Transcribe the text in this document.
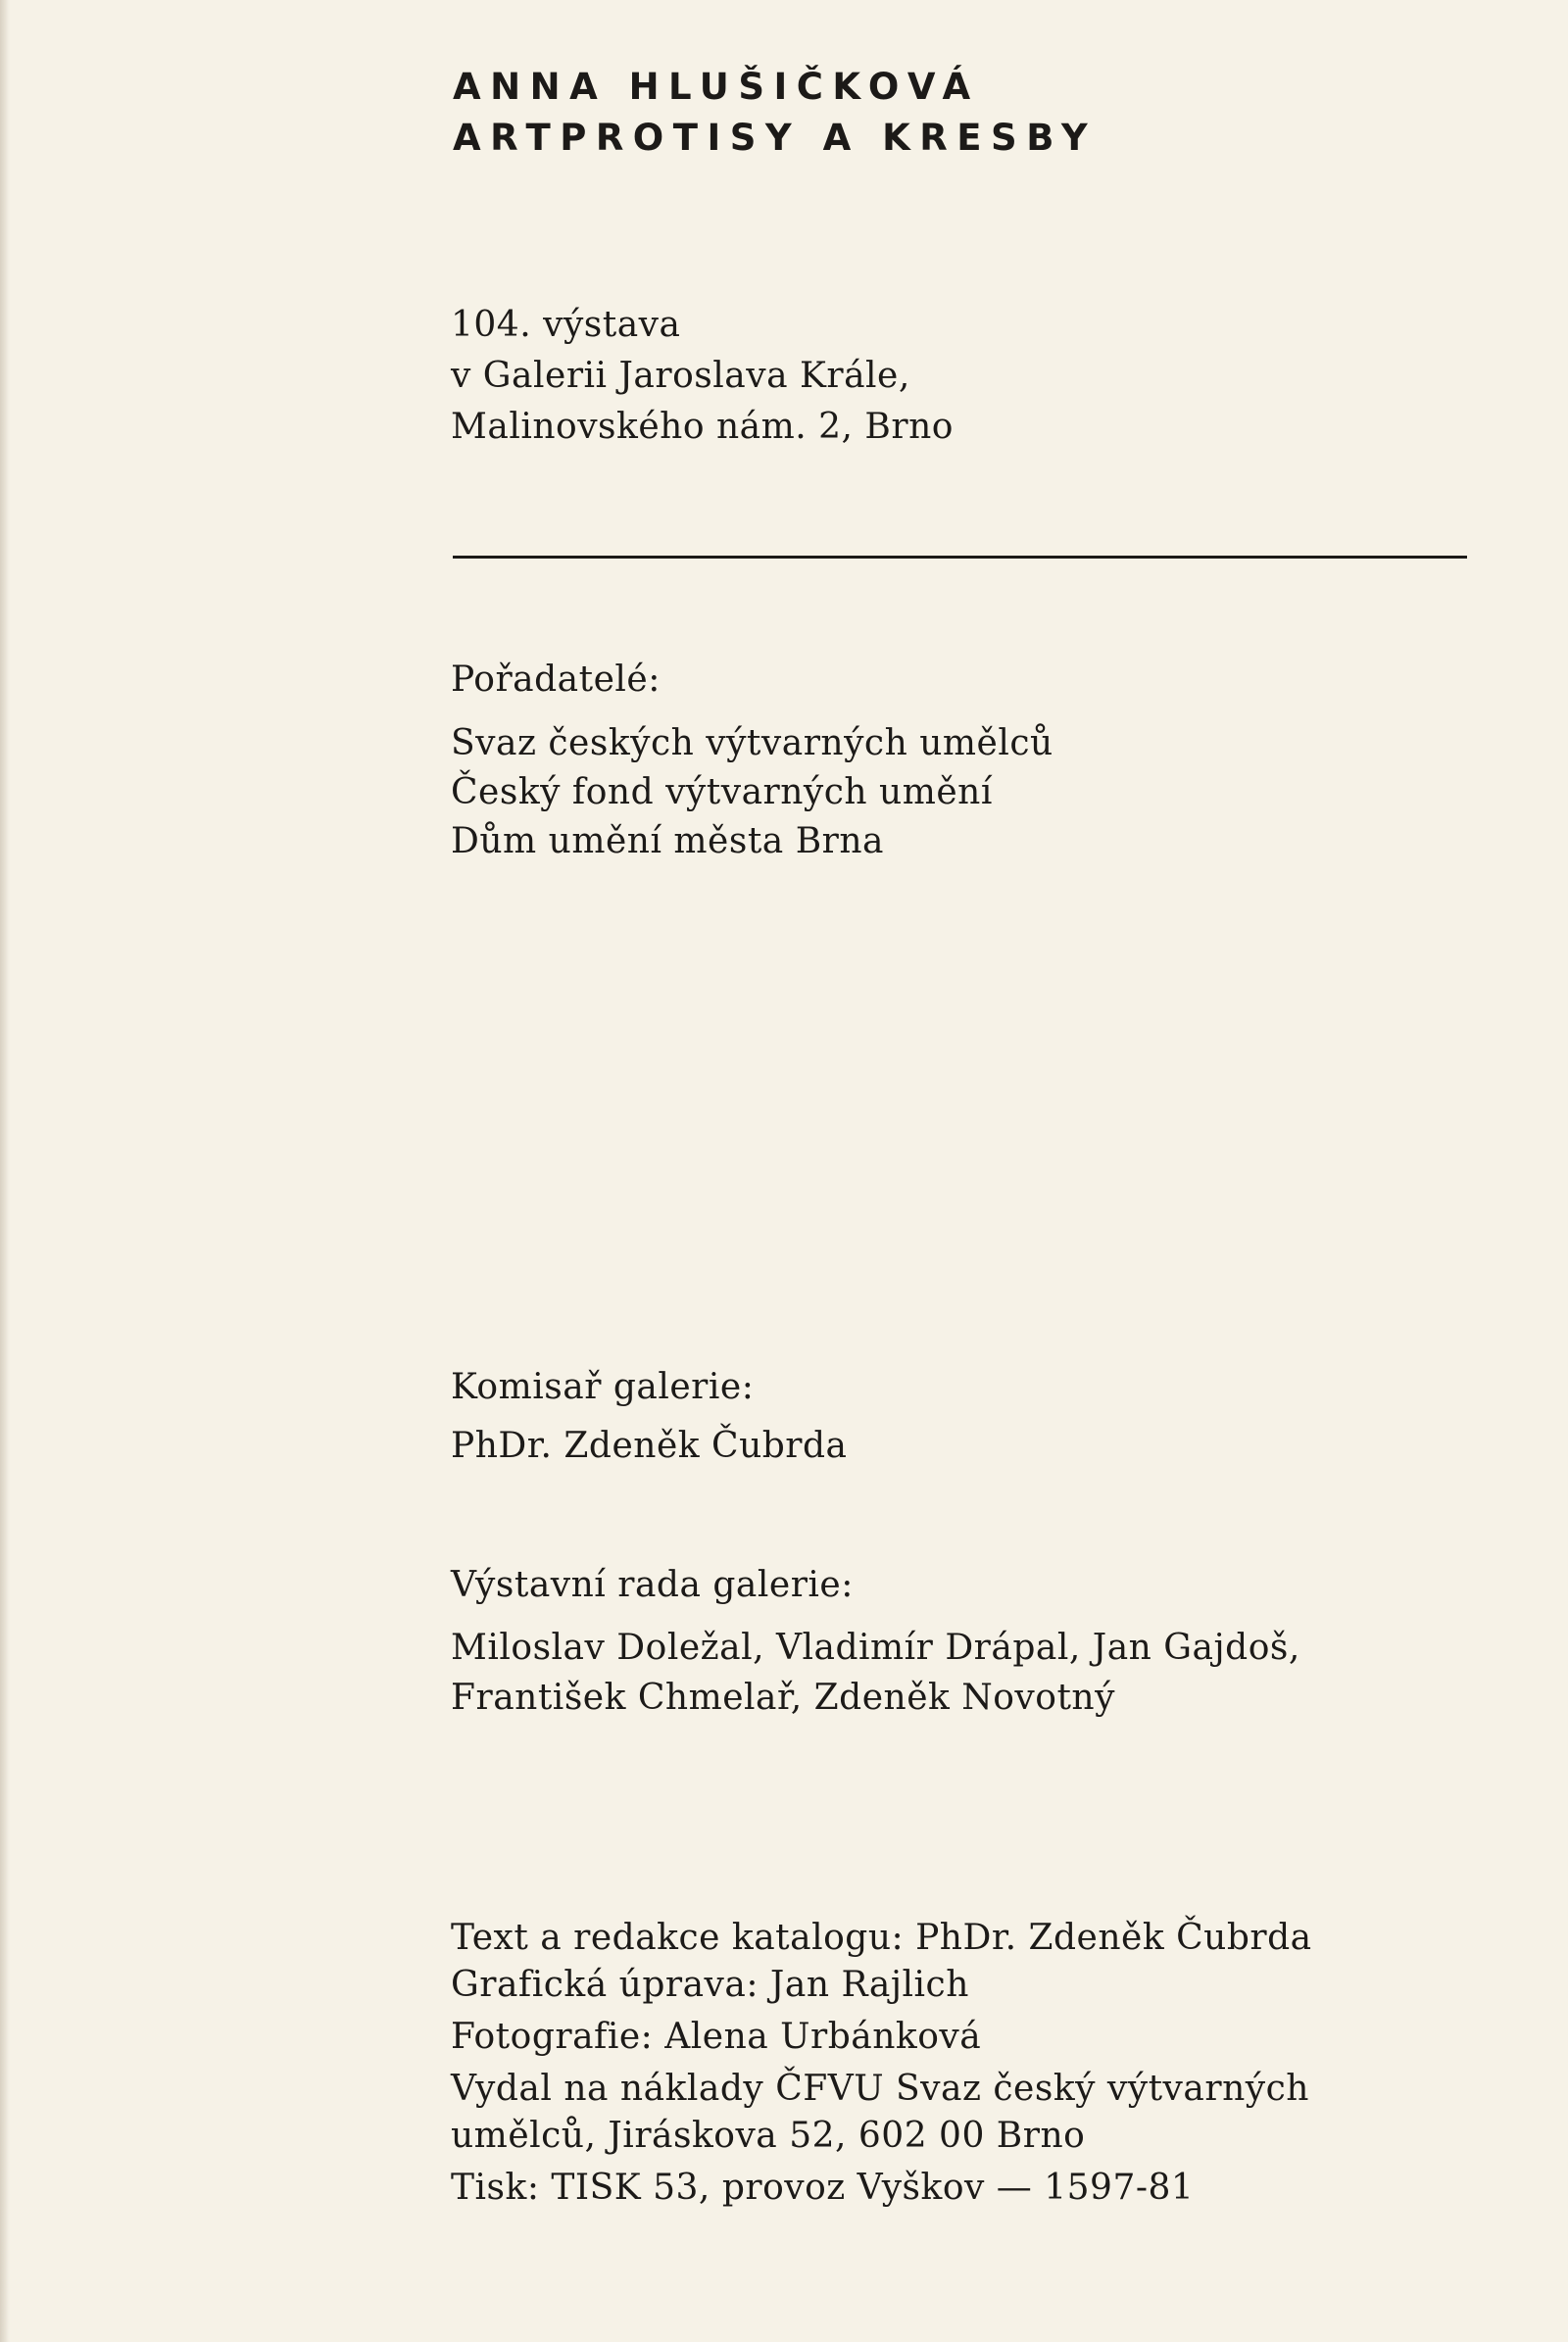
ANNA HLUŠIČKOVÁ
ARTPROTISY A KRESBY
104. výstava
v Galerii Jaroslava Krále,
Malinovského nám. 2, Brno
Pořadatelé:
Svaz českých výtvarných umělců
Český fond výtvarných umění
Dům umění města Brna
Komisař galerie:
PhDr. Zdeněk Čubrda
Výstavní rada galerie:
Miloslav Doležal, Vladimír Drápal, Jan Gajdoš,
František Chmelař, Zdeněk Novotný
Text a redakce katalogu: PhDr. Zdeněk Čubrda
Grafická úprava: Jan Rajlich
Fotografie: Alena Urbánková
Vydal na náklady ČFVU Svaz český výtvarných
umělců, Jiráskova 52, 602 00 Brno
Tisk: TISK 53, provoz Vyškov — 1597-81
